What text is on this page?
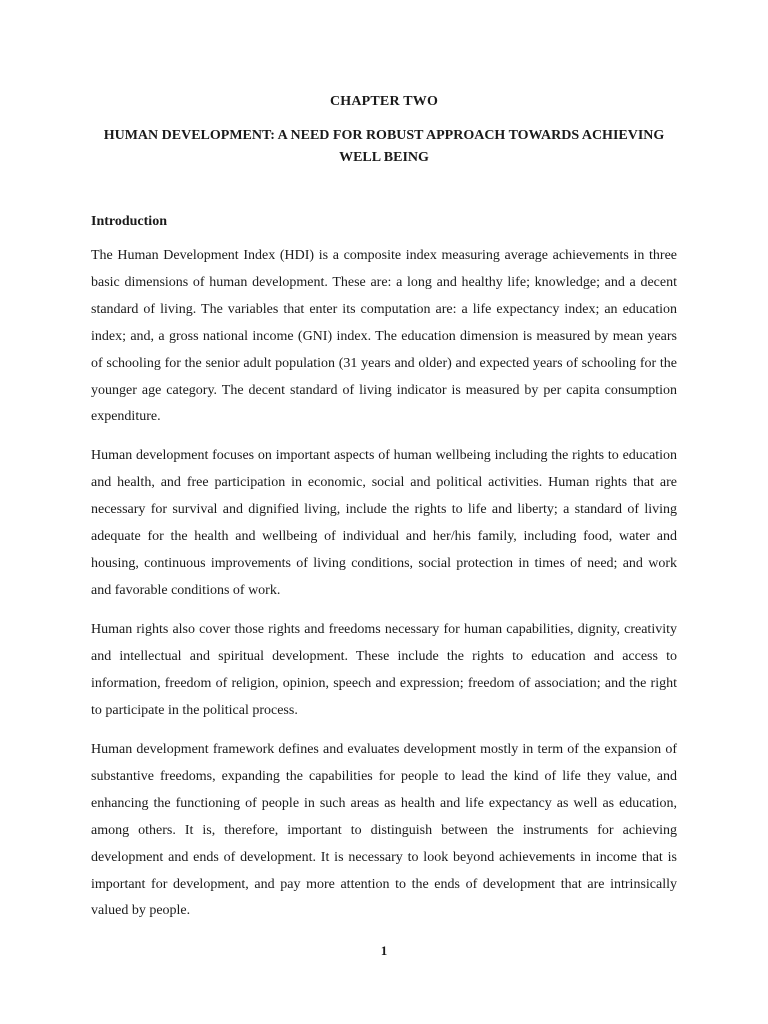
CHAPTER TWO
HUMAN DEVELOPMENT: A NEED FOR ROBUST APPROACH TOWARDS ACHIEVING WELL BEING
Introduction

The Human Development Index (HDI) is a composite index measuring average achievements in three basic dimensions of human development. These are: a long and healthy life; knowledge; and a decent standard of living. The variables that enter its computation are: a life expectancy index; an education index; and, a gross national income (GNI) index. The education dimension is measured by mean years of schooling for the senior adult population (31 years and older) and expected years of schooling for the younger age category. The decent standard of living indicator is measured by per capita consumption expenditure.

Human development focuses on important aspects of human wellbeing including the rights to education and health, and free participation in economic, social and political activities. Human rights that are necessary for survival and dignified living, include the rights to life and liberty; a standard of living adequate for the health and wellbeing of individual and her/his family, including food, water and housing, continuous improvements of living conditions, social protection in times of need; and work and favorable conditions of work.

Human rights also cover those rights and freedoms necessary for human capabilities, dignity, creativity and intellectual and spiritual development. These include the rights to education and access to information, freedom of religion, opinion, speech and expression; freedom of association; and the right to participate in the political process.

Human development framework defines and evaluates development mostly in term of the expansion of substantive freedoms, expanding the capabilities for people to lead the kind of life they value, and enhancing the functioning of people in such areas as health and life expectancy as well as education, among others. It is, therefore, important to distinguish between the instruments for achieving development and ends of development. It is necessary to look beyond achievements in income that is important for development, and pay more attention to the ends of development that are intrinsically valued by people.

1
